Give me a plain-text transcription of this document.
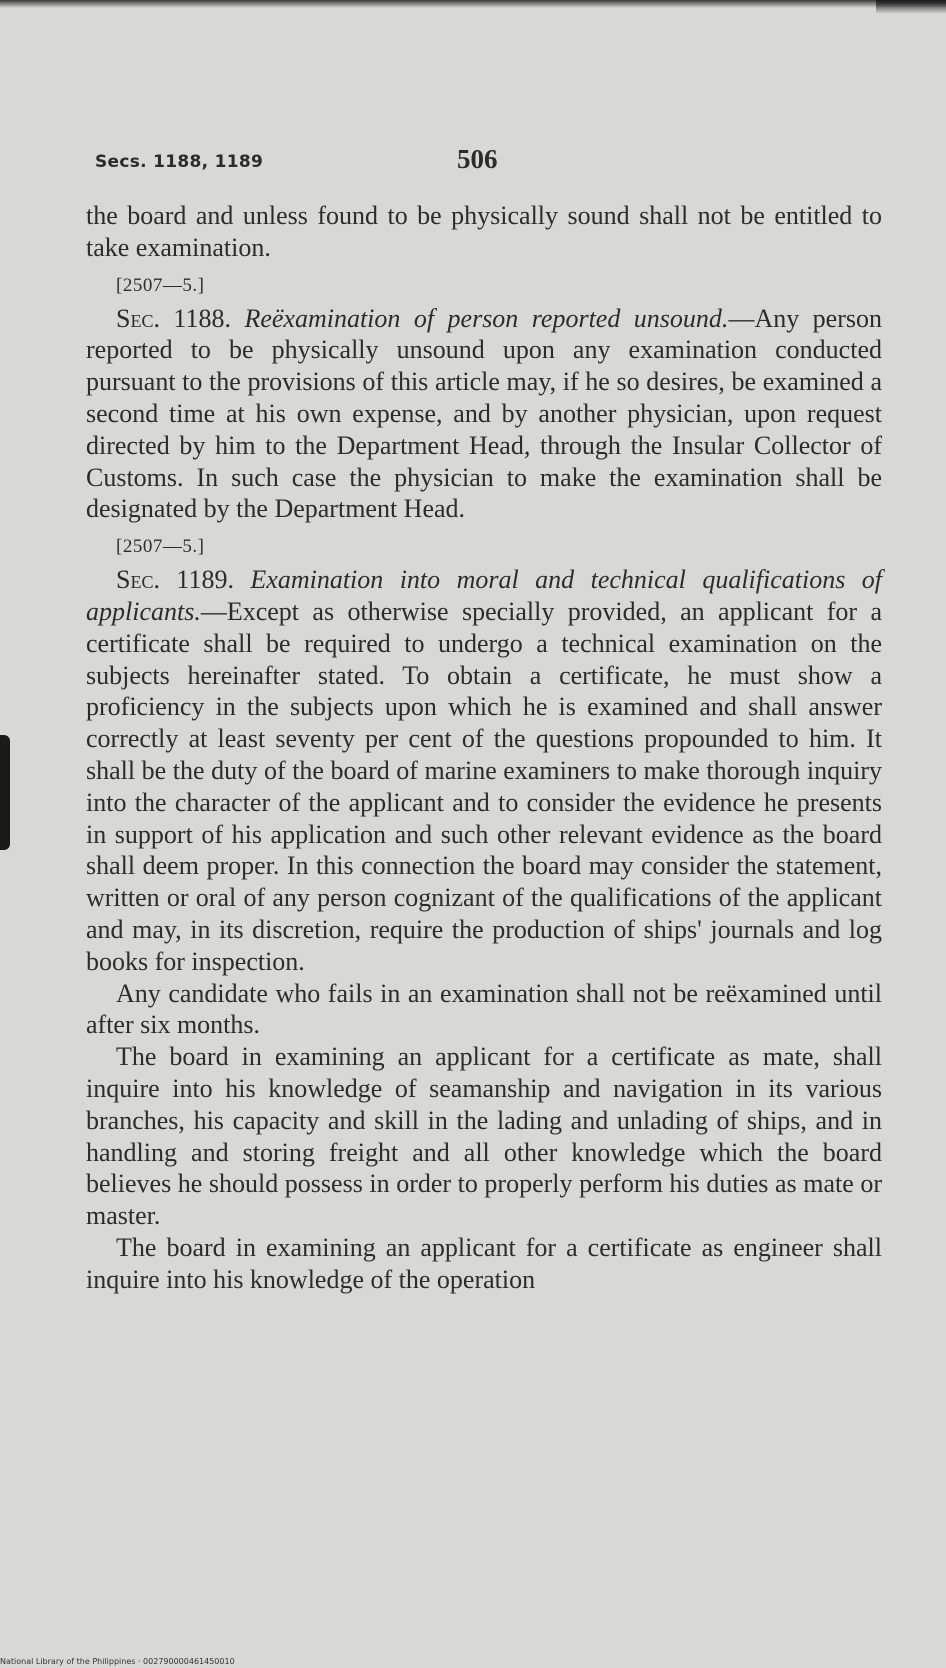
Secs. 1188, 1189	506

the board and unless found to be physically sound shall not be entitled to take examination.

[2507—5.]

Sec. 1188. Reëxamination of person reported unsound.—Any person reported to be physically unsound upon any examination conducted pursuant to the provisions of this article may, if he so desires, be examined a second time at his own expense, and by another physician, upon request directed by him to the Department Head, through the Insular Collector of Customs. In such case the physician to make the examination shall be designated by the Department Head.

[2507—5.]

Sec. 1189. Examination into moral and technical qualifications of applicants.—Except as otherwise specially provided, an applicant for a certificate shall be required to undergo a technical examination on the subjects hereinafter stated. To obtain a certificate, he must show a proficiency in the subjects upon which he is examined and shall answer correctly at least seventy per cent of the questions propounded to him. It shall be the duty of the board of marine examiners to make thorough inquiry into the character of the applicant and to consider the evidence he presents in support of his application and such other relevant evidence as the board shall deem proper. In this connection the board may consider the statement, written or oral of any person cognizant of the qualifications of the applicant and may, in its discretion, require the production of ships' journals and log books for inspection.

Any candidate who fails in an examination shall not be reëxamined until after six months.

The board in examining an applicant for a certificate as mate, shall inquire into his knowledge of seamanship and navigation in its various branches, his capacity and skill in the lading and unlading of ships, and in handling and storing freight and all other knowledge which the board believes he should possess in order to properly perform his duties as mate or master.

The board in examining an applicant for a certificate as engineer shall inquire into his knowledge of the operation

National Library of the Philippines · 002790000461450010
